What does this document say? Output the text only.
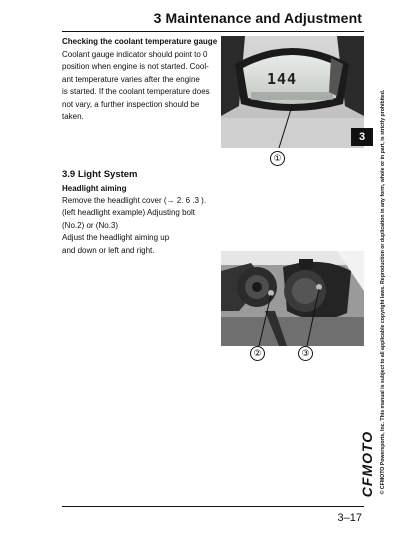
3 Maintenance and Adjustment
Checking the coolant temperature gauge
Coolant gauge indicator should point to 0
position when engine is not started. Cool-
ant temperature varies after the engine
is started. If the coolant temperature does
not vary, a further inspection should be
taken.
144
①
3.9 Light System
Headlight aiming
Remove the headlight cover (→ 2. 6 .3 ).
(left headlight example) Adjusting bolt
(No.2) or (No.3)
Adjust the headlight aiming up
and down or left and right.
②	③
3	© CFMOTO Powersports, Inc. This manual is subject to all applicable copyright laws. Reproduction or duplication in any form, whole or in part, is strictly prohibited.
CFMOTO
3–17
